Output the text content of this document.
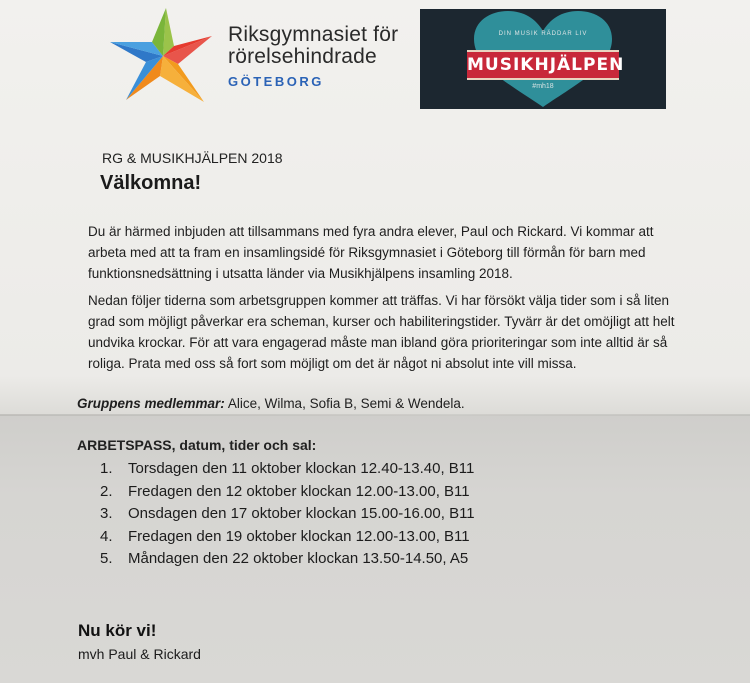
Riksgymnasiet för
rörelsehindrade
GÖTEBORG
DIN MUSIK RÄDDAR LIV
MUSIKHJÄLPEN
#mh18
RG & MUSIKHJÄLPEN 2018
Välkomna!
Du är härmed inbjuden att tillsammans med fyra andra elever, Paul och Rickard. Vi kommar att arbeta med att ta fram en insamlingsidé för Riksgymnasiet i Göteborg till förmån för barn med funktionsnedsättning i utsatta länder via Musikhjälpens insamling 2018.
Nedan följer tiderna som arbetsgruppen kommer att träffas. Vi har försökt välja tider som i så liten grad som möjligt påverkar era scheman, kurser och habiliteringstider. Tyvärr är det omöjligt att helt undvika krockar. För att vara engagerad måste man ibland göra prioriteringar som inte alltid är så roliga. Prata med oss så fort som möjligt om det är något ni absolut inte vill missa.
Gruppens medlemmar: Alice, Wilma, Sofia B, Semi & Wendela.
ARBETSPASS, datum, tider och sal:
1.	Torsdagen den 11 oktober klockan 12.40-13.40, B11
2.	Fredagen den 12 oktober klockan 12.00-13.00, B11
3.	Onsdagen den 17 oktober klockan 15.00-16.00, B11
4.	Fredagen den 19 oktober klockan 12.00-13.00, B11
5.	Måndagen den 22 oktober klockan 13.50-14.50, A5
Nu kör vi!
mvh Paul & Rickard
